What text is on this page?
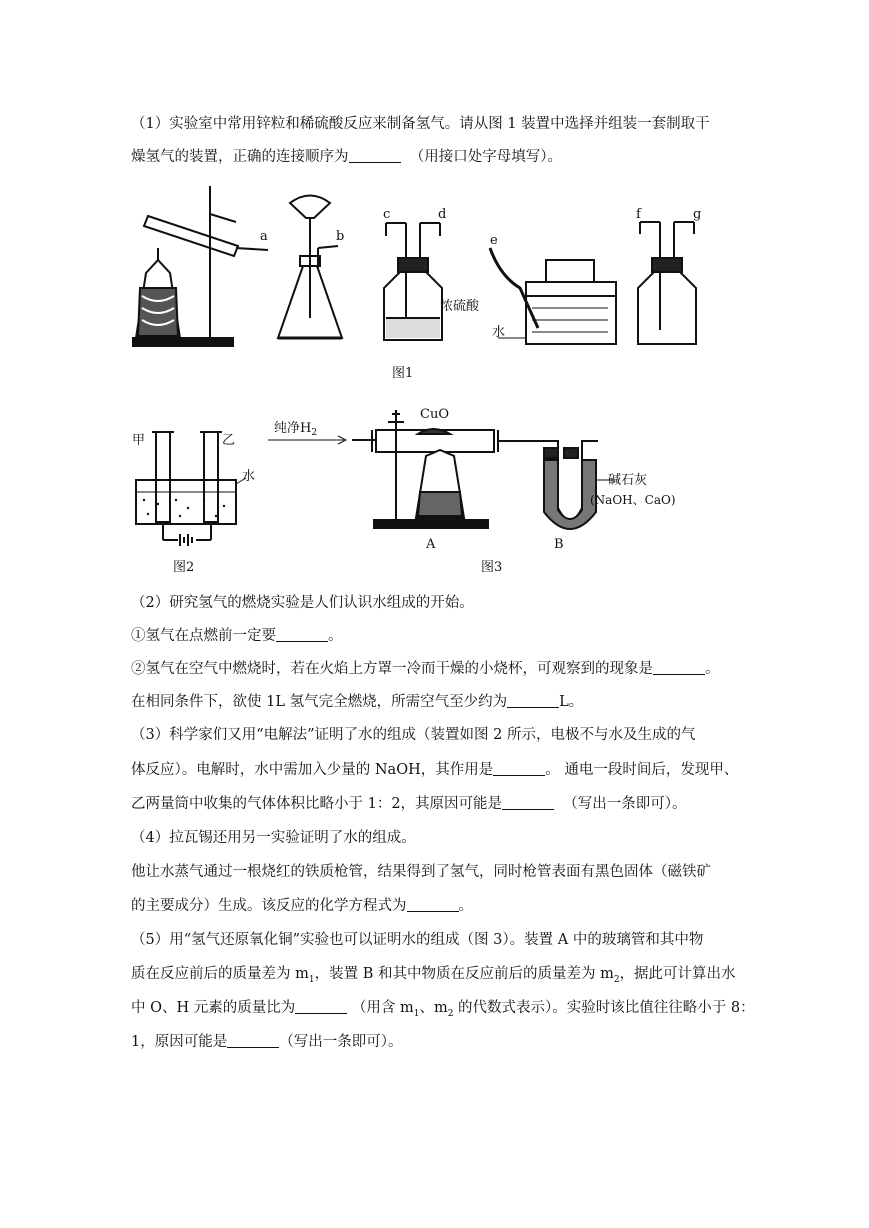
（1）实验室中常用锌粒和稀硫酸反应来制备氢气。请从图 1 装置中选择并组装一套制取干
燥氢气的装置，正确的连接顺序为	（用接口处字母填写）。
a	b
c	d
浓硫酸
e
水
f	g
图1
甲	乙
水
图2
纯净$H_2$
CuO
碱石灰
(NaOH、CaO)
A	B
图3
（2）研究氢气的燃烧实验是人们认识水组成的开始。
①氢气在点燃前一定要	。
②氢气在空气中燃烧时，若在火焰上方罩一冷而干燥的小烧杯，可观察到的现象是	。
在相同条件下，欲使 1L 氢气完全燃烧，所需空气至少约为	L。
（3）科学家们又用“电解法”证明了水的组成（装置如图 2 所示，电极不与水及生成的气
体反应）。电解时，水中需加入少量的 NaOH，其作用是	。 通电一段时间后，发现甲、
乙两量筒中收集的气体体积比略小于 1：2，其原因可能是	（写出一条即可）。
（4）拉瓦锡还用另一实验证明了水的组成。
他让水蒸气通过一根烧红的铁质枪管，结果得到了氢气，同时枪管表面有黑色固体（磁铁矿
的主要成分）生成。该反应的化学方程式为	。
（5）用“氢气还原氧化铜”实验也可以证明水的组成（图 3）。装置 A 中的玻璃管和其中物
质在反应前后的质量差为 $m_1$，装置 B 和其中物质在反应前后的质量差为 $m_2$，据此可计算出水
中 O、H 元素的质量比为	（用含 $m_1$、$m_2$ 的代数式表示）。实验时该比值往往略小于 8：
1，原因可能是	（写出一条即可）。
